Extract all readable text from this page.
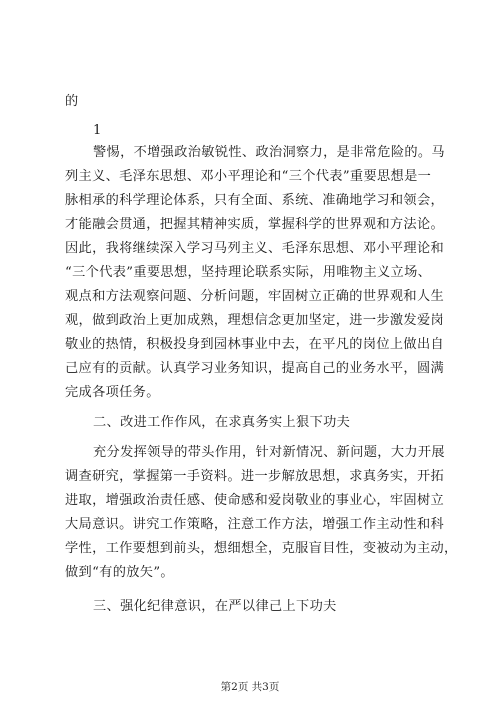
的
1
警惕，不增强政治敏锐性、政治洞察力，是非常危险的。马
列主义、毛泽东思想、邓小平理论和“三个代表”重要思想是一
脉相承的科学理论体系，只有全面、系统、准确地学习和领会，
才能融会贯通，把握其精神实质，掌握科学的世界观和方法论。
因此，我将继续深入学习马列主义、毛泽东思想、邓小平理论和
“三个代表”重要思想，坚持理论联系实际，用唯物主义立场、
观点和方法观察问题、分析问题，牢固树立正确的世界观和人生
观，做到政治上更加成熟，理想信念更加坚定，进一步激发爱岗
敬业的热情，积极投身到园林事业中去，在平凡的岗位上做出自
己应有的贡献。认真学习业务知识，提高自己的业务水平，圆满
完成各项任务。
二、改进工作作风，在求真务实上狠下功夫
充分发挥领导的带头作用，针对新情况、新问题，大力开展
调查研究，掌握第一手资料。进一步解放思想，求真务实，开拓
进取，增强政治责任感、使命感和爱岗敬业的事业心，牢固树立
大局意识。讲究工作策略，注意工作方法，增强工作主动性和科
学性，工作要想到前头，想细想全，克服盲目性，变被动为主动，
做到“有的放矢”。
三、强化纪律意识，在严以律己上下功夫
第2页 共3页
